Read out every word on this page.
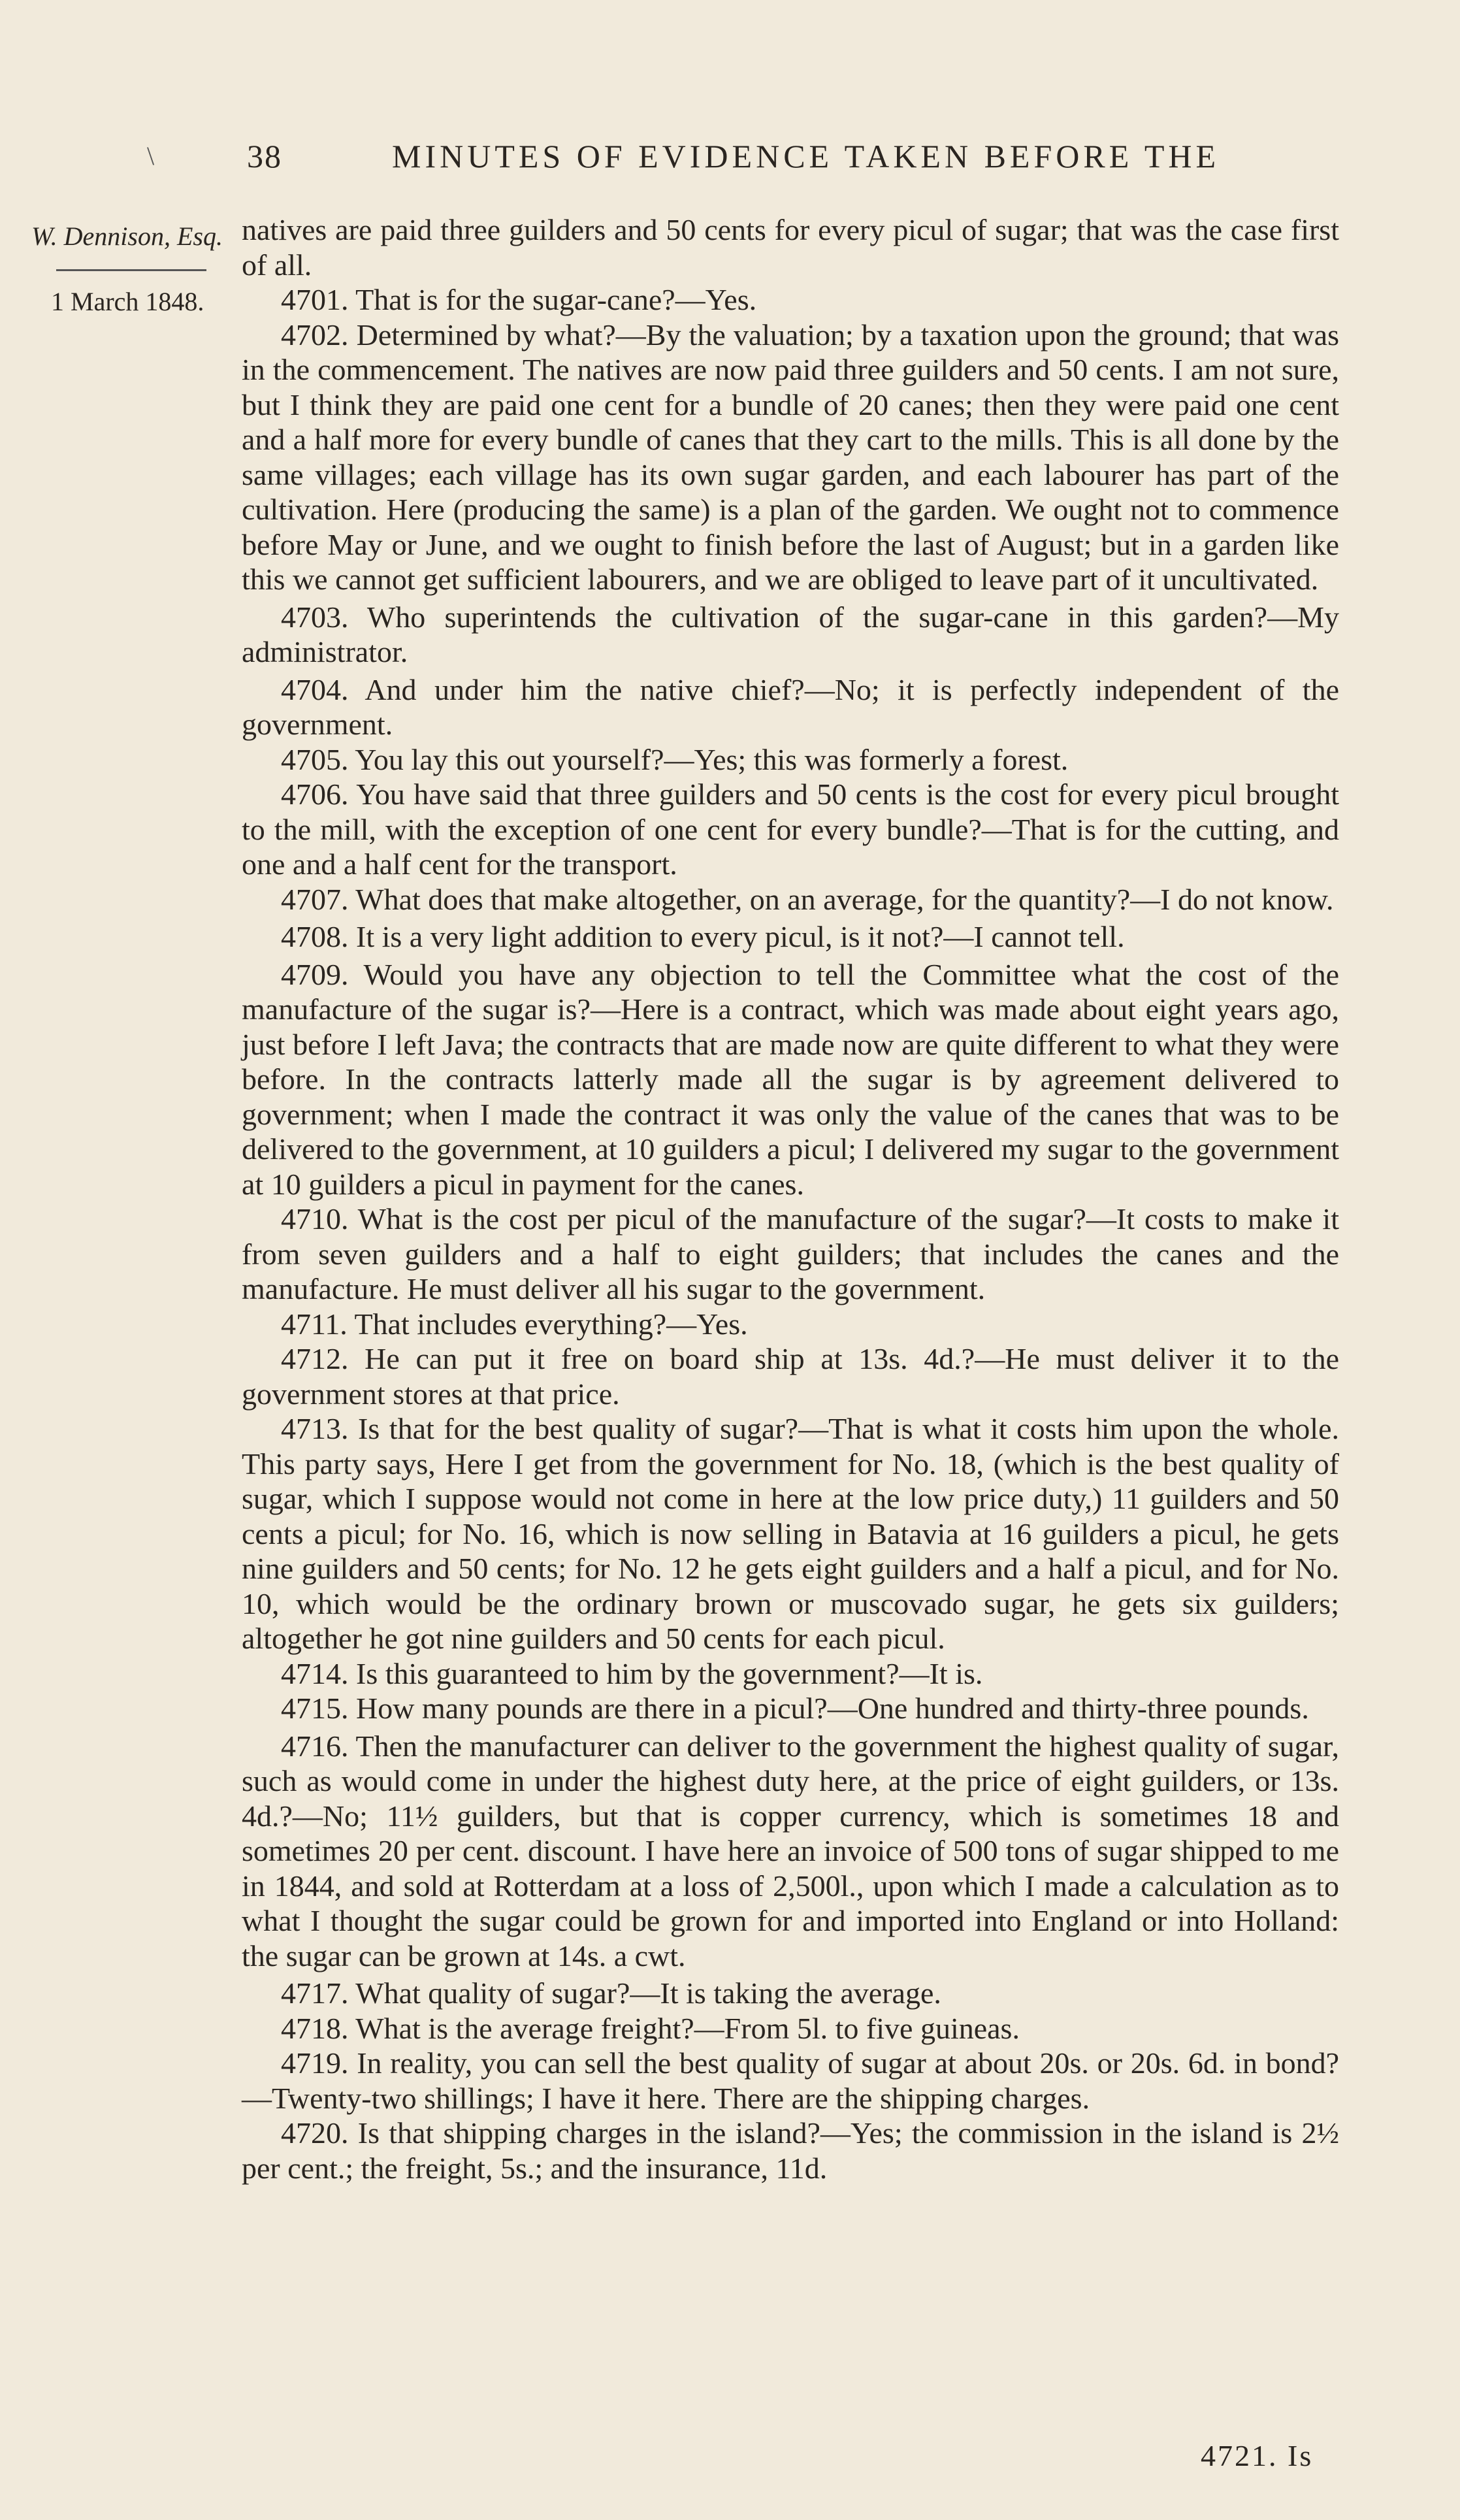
38	MINUTES OF EVIDENCE TAKEN BEFORE THE
\
W. Dennison, Esq.
1 March 1848.

natives are paid three guilders and 50 cents for every picul of sugar; that was the case first of all.

4701. That is for the sugar-cane?—Yes.

4702. Determined by what?—By the valuation; by a taxation upon the ground; that was in the commencement. The natives are now paid three guilders and 50 cents. I am not sure, but I think they are paid one cent for a bundle of 20 canes; then they were paid one cent and a half more for every bundle of canes that they cart to the mills. This is all done by the same villages; each village has its own sugar garden, and each labourer has part of the cultivation. Here (producing the same) is a plan of the garden. We ought not to commence before May or June, and we ought to finish before the last of August; but in a garden like this we cannot get sufficient labourers, and we are obliged to leave part of it uncultivated.

4703. Who superintends the cultivation of the sugar-cane in this garden?—My administrator.

4704. And under him the native chief?—No; it is perfectly independent of the government.

4705. You lay this out yourself?—Yes; this was formerly a forest.

4706. You have said that three guilders and 50 cents is the cost for every picul brought to the mill, with the exception of one cent for every bundle?—That is for the cutting, and one and a half cent for the transport.

4707. What does that make altogether, on an average, for the quantity?—I do not know.

4708. It is a very light addition to every picul, is it not?—I cannot tell.

4709. Would you have any objection to tell the Committee what the cost of the manufacture of the sugar is?—Here is a contract, which was made about eight years ago, just before I left Java; the contracts that are made now are quite different to what they were before. In the contracts latterly made all the sugar is by agreement delivered to government; when I made the contract it was only the value of the canes that was to be delivered to the government, at 10 guilders a picul; I delivered my sugar to the government at 10 guilders a picul in payment for the canes.

4710. What is the cost per picul of the manufacture of the sugar?—It costs to make it from seven guilders and a half to eight guilders; that includes the canes and the manufacture. He must deliver all his sugar to the government.

4711. That includes everything?—Yes.

4712. He can put it free on board ship at 13s. 4d.?—He must deliver it to the government stores at that price.

4713. Is that for the best quality of sugar?—That is what it costs him upon the whole. This party says, Here I get from the government for No. 18, (which is the best quality of sugar, which I suppose would not come in here at the low price duty,) 11 guilders and 50 cents a picul; for No. 16, which is now selling in Batavia at 16 guilders a picul, he gets nine guilders and 50 cents; for No. 12 he gets eight guilders and a half a picul, and for No. 10, which would be the ordinary brown or muscovado sugar, he gets six guilders; altogether he got nine guilders and 50 cents for each picul.

4714. Is this guaranteed to him by the government?—It is.

4715. How many pounds are there in a picul?—One hundred and thirty-three pounds.

4716. Then the manufacturer can deliver to the government the highest quality of sugar, such as would come in under the highest duty here, at the price of eight guilders, or 13s. 4d.?—No; 11½ guilders, but that is copper currency, which is sometimes 18 and sometimes 20 per cent. discount. I have here an invoice of 500 tons of sugar shipped to me in 1844, and sold at Rotterdam at a loss of 2,500l., upon which I made a calculation as to what I thought the sugar could be grown for and imported into England or into Holland: the sugar can be grown at 14s. a cwt.

4717. What quality of sugar?—It is taking the average.

4718. What is the average freight?—From 5l. to five guineas.

4719. In reality, you can sell the best quality of sugar at about 20s. or 20s. 6d. in bond?—Twenty-two shillings; I have it here. There are the shipping charges.

4720. Is that shipping charges in the island?—Yes; the commission in the island is 2½ per cent.; the freight, 5s.; and the insurance, 11d.

4721. Is
